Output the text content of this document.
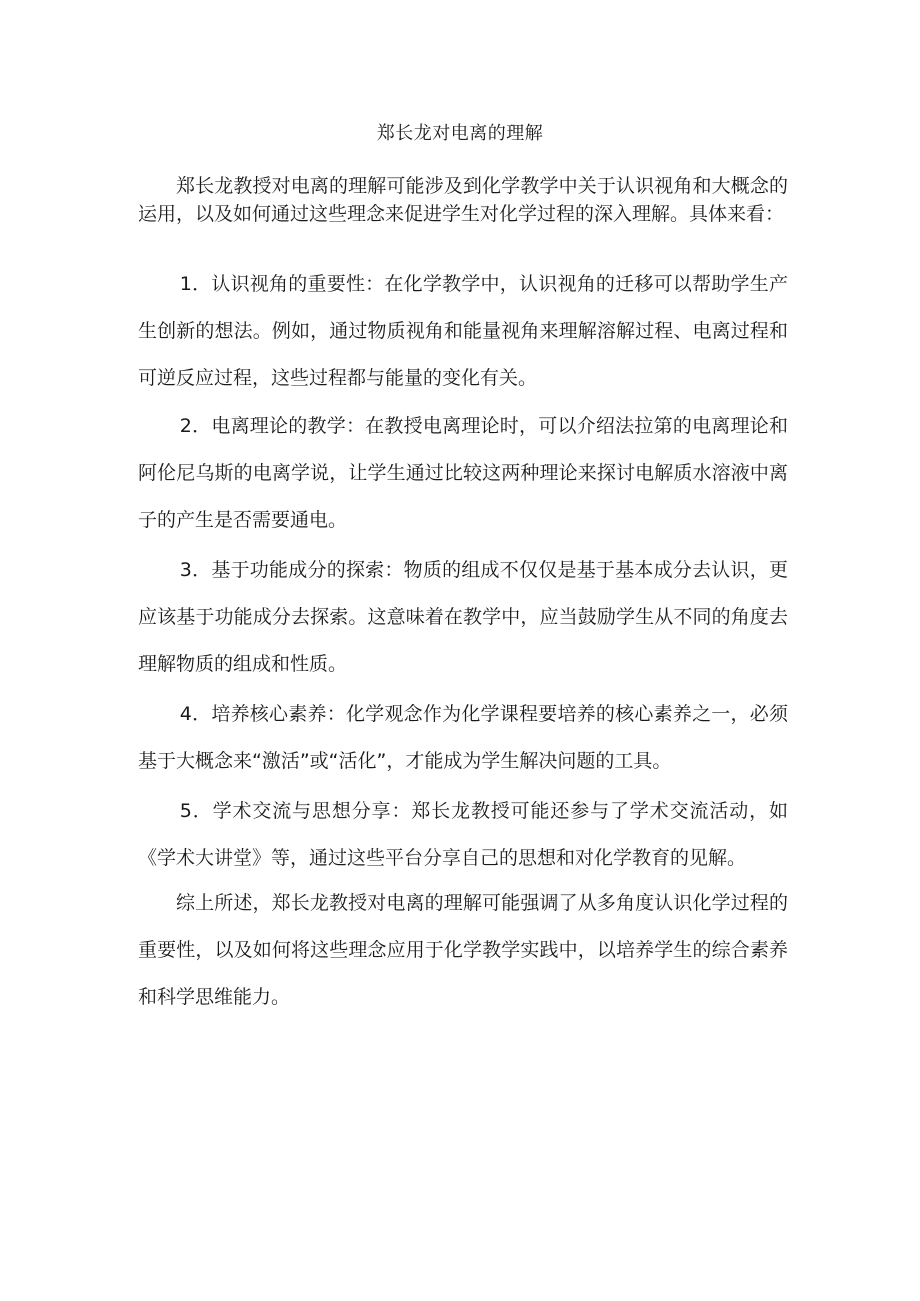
郑长龙对电离的理解

郑长龙教授对电离的理解可能涉及到化学教学中关于认识视角和大概念的运用，以及如何通过这些理念来促进学生对化学过程的深入理解。具体来看：

1．认识视角的重要性：在化学教学中，认识视角的迁移可以帮助学生产生创新的想法。例如，通过物质视角和能量视角来理解溶解过程、电离过程和可逆反应过程，这些过程都与能量的变化有关。

2．电离理论的教学：在教授电离理论时，可以介绍法拉第的电离理论和阿伦尼乌斯的电离学说，让学生通过比较这两种理论来探讨电解质水溶液中离子的产生是否需要通电。

3．基于功能成分的探索：物质的组成不仅仅是基于基本成分去认识，更应该基于功能成分去探索。这意味着在教学中，应当鼓励学生从不同的角度去理解物质的组成和性质。

4．培养核心素养：化学观念作为化学课程要培养的核心素养之一，必须基于大概念来“激活”或“活化”，才能成为学生解决问题的工具。

5．学术交流与思想分享：郑长龙教授可能还参与了学术交流活动，如《学术大讲堂》等，通过这些平台分享自己的思想和对化学教育的见解。

综上所述，郑长龙教授对电离的理解可能强调了从多角度认识化学过程的重要性，以及如何将这些理念应用于化学教学实践中，以培养学生的综合素养和科学思维能力。
